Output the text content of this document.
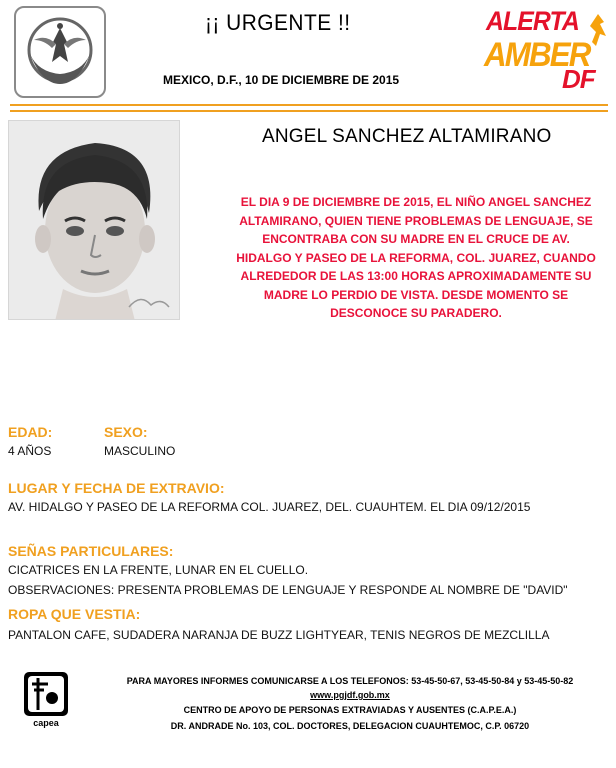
¡¡ URGENTE !!
MEXICO, D.F., 10 DE DICIEMBRE DE 2015
ALERTA
AMBER
DF
ANGEL SANCHEZ ALTAMIRANO
EL DIA 9 DE DICIEMBRE DE 2015, EL NIÑO ANGEL SANCHEZ
ALTAMIRANO, QUIEN TIENE PROBLEMAS DE LENGUAJE, SE
ENCONTRABA CON SU MADRE EN EL CRUCE DE AV.
HIDALGO Y PASEO DE LA REFORMA, COL. JUAREZ, CUANDO
ALREDEDOR DE LAS 13:00 HORAS APROXIMADAMENTE SU
MADRE LO PERDIO DE VISTA. DESDE MOMENTO SE
DESCONOCE SU PARADERO.
EDAD:
4 AÑOS
SEXO:
MASCULINO
LUGAR Y FECHA DE EXTRAVIO:
AV. HIDALGO Y PASEO DE LA REFORMA COL. JUAREZ, DEL. CUAUHTEM. EL DIA 09/12/2015
SEÑAS PARTICULARES:
CICATRICES EN LA FRENTE, LUNAR EN EL CUELLO.
OBSERVACIONES: PRESENTA PROBLEMAS DE LENGUAJE Y RESPONDE AL NOMBRE DE "DAVID"
ROPA QUE VESTIA:
PANTALON CAFE, SUDADERA NARANJA DE BUZZ LIGHTYEAR, TENIS NEGROS DE MEZCLILLA
capea
PARA MAYORES INFORMES COMUNICARSE A LOS TELEFONOS: 53-45-50-67, 53-45-50-84 y 53-45-50-82
www.pgjdf.gob.mx
CENTRO DE APOYO DE PERSONAS EXTRAVIADAS Y AUSENTES (C.A.P.E.A.)
DR. ANDRADE No. 103, COL. DOCTORES, DELEGACION CUAUHTEMOC, C.P. 06720
